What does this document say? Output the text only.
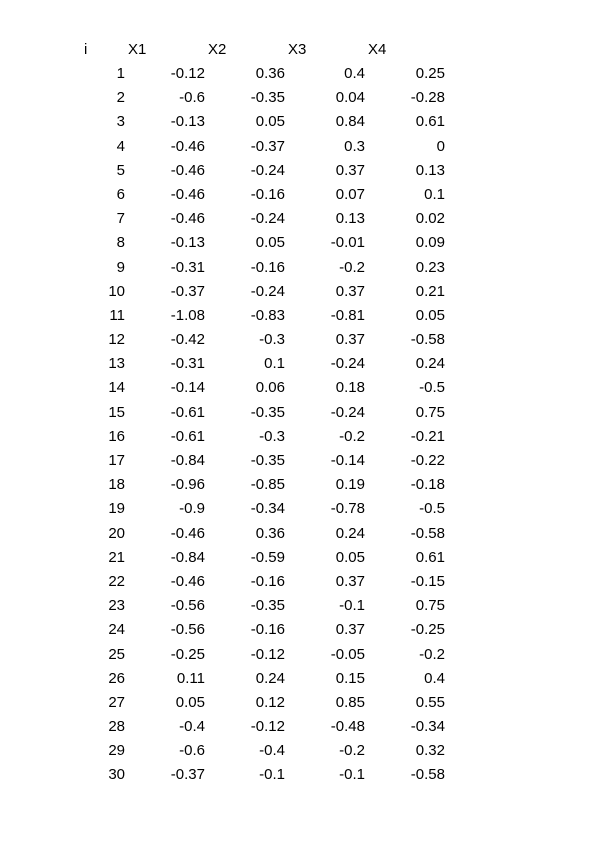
i	X1	X2	X3	X4
1	-0.12	0.36	0.4	0.25
2	-0.6	-0.35	0.04	-0.28
3	-0.13	0.05	0.84	0.61
4	-0.46	-0.37	0.3	0
5	-0.46	-0.24	0.37	0.13
6	-0.46	-0.16	0.07	0.1
7	-0.46	-0.24	0.13	0.02
8	-0.13	0.05	-0.01	0.09
9	-0.31	-0.16	-0.2	0.23
10	-0.37	-0.24	0.37	0.21
11	-1.08	-0.83	-0.81	0.05
12	-0.42	-0.3	0.37	-0.58
13	-0.31	0.1	-0.24	0.24
14	-0.14	0.06	0.18	-0.5
15	-0.61	-0.35	-0.24	0.75
16	-0.61	-0.3	-0.2	-0.21
17	-0.84	-0.35	-0.14	-0.22
18	-0.96	-0.85	0.19	-0.18
19	-0.9	-0.34	-0.78	-0.5
20	-0.46	0.36	0.24	-0.58
21	-0.84	-0.59	0.05	0.61
22	-0.46	-0.16	0.37	-0.15
23	-0.56	-0.35	-0.1	0.75
24	-0.56	-0.16	0.37	-0.25
25	-0.25	-0.12	-0.05	-0.2
26	0.11	0.24	0.15	0.4
27	0.05	0.12	0.85	0.55
28	-0.4	-0.12	-0.48	-0.34
29	-0.6	-0.4	-0.2	0.32
30	-0.37	-0.1	-0.1	-0.58
